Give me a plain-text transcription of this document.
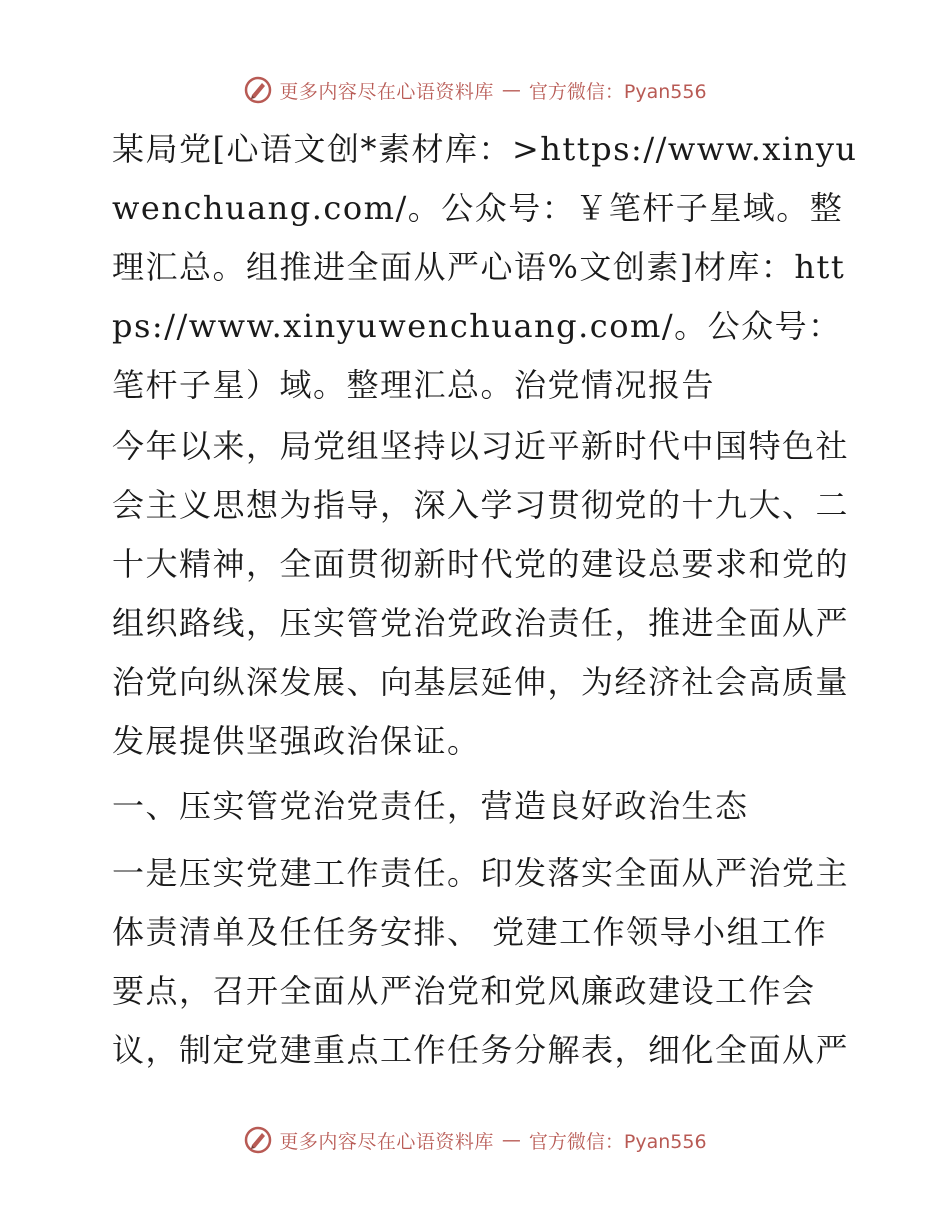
更多内容尽在心语资料库 — 官方微信：Pyan556

某局党[心语文创*素材库：>https://www.xinyuwenchuang.com/。公众号：￥笔杆子星域。整理汇总。组推进全面从严心语%文创素]材库：https://www.xinyuwenchuang.com/。公众号：笔杆子星）域。整理汇总。治党情况报告

今年以来，局党组坚持以习近平新时代中国特色社会主义思想为指导，深入学习贯彻党的十九大、二十大精神，全面贯彻新时代党的建设总要求和党的组织路线，压实管党治党政治责任，推进全面从严治党向纵深发展、向基层延伸，为经济社会高质量发展提供坚强政治保证。

一、压实管党治党责任，营造良好政治生态

一是压实党建工作责任。印发落实全面从严治党主体责清单及任任务安排、 党建工作领导小组工作要点，召开全面从严治党和党风廉政建设工作会议，制定党建重点工作任务分解表，细化全面从严

更多内容尽在心语资料库 — 官方微信：Pyan556
